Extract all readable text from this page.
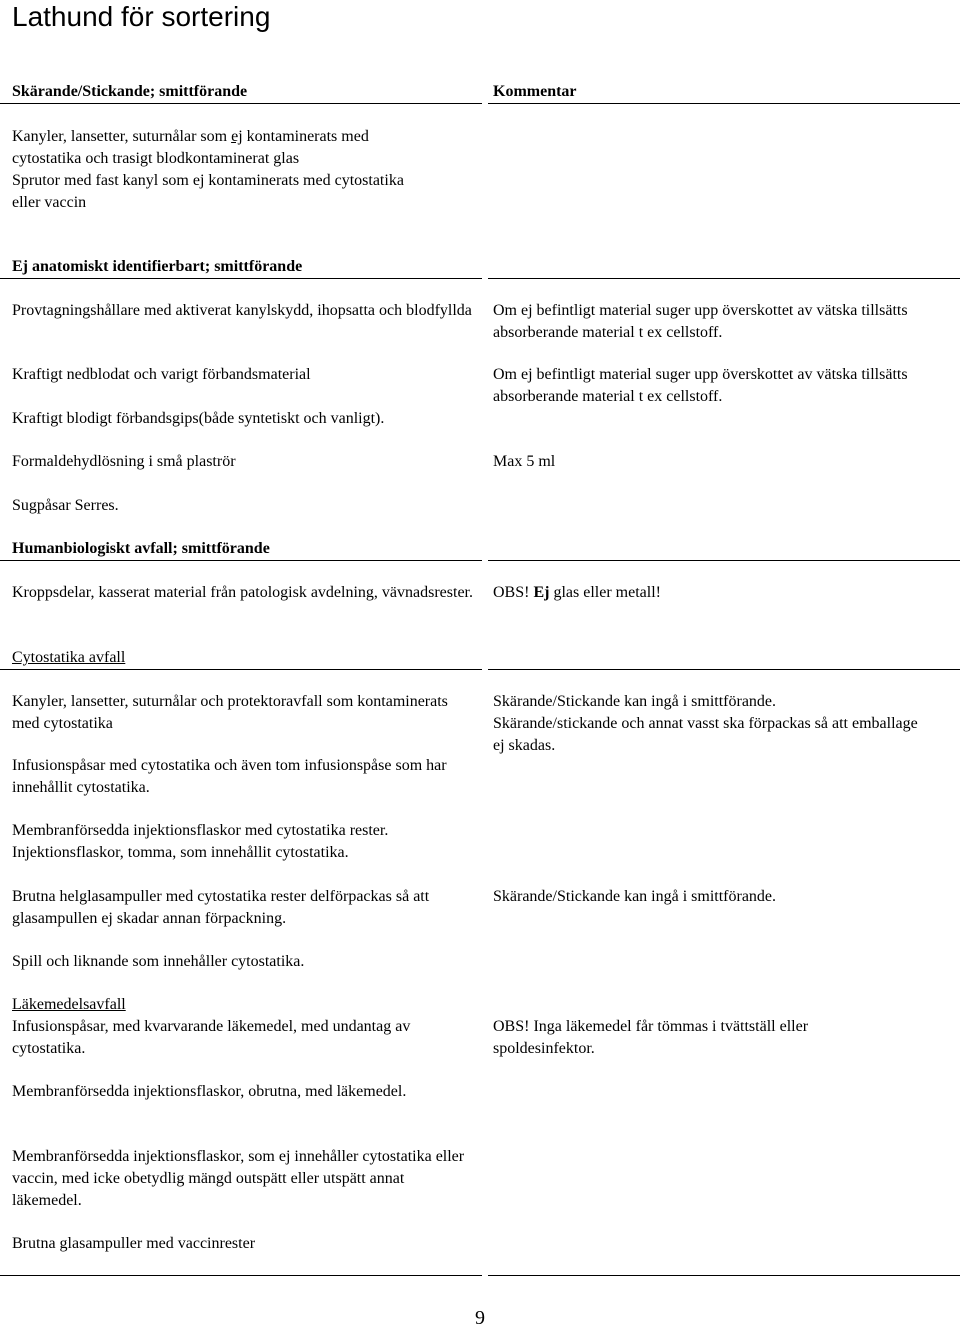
Lathund för sortering
Skärande/Stickande; smittförande	Kommentar
Kanyler, lansetter, suturnålar som ej kontaminerats med
cytostatika och trasigt blodkontaminerat glas
Sprutor med fast kanyl som ej kontaminerats med cytostatika
eller vaccin
Ej anatomiskt identifierbart; smittförande
Provtagningshållare med aktiverat kanylskydd, ihopsatta och blodfyllda
Kraftigt nedblodat och varigt förbandsmaterial
Kraftigt blodigt förbandsgips(både syntetiskt och vanligt).
Formaldehydlösning i små plaströr
Sugpåsar Serres.
Om ej befintligt material suger upp överskottet av vätska tillsätts absorberande material t ex cellstoff.
Om ej befintligt material suger upp överskottet av vätska tillsätts absorberande material t ex cellstoff.
Max 5 ml
Humanbiologiskt avfall; smittförande
Kroppsdelar, kasserat material från patologisk avdelning, vävnadsrester. OBS! Ej glas eller metall!
Cytostatika avfall
Kanyler, lansetter, suturnålar och protektoravfall som kontaminerats med cytostatika
Infusionspåsar med cytostatika och även tom infusionspåse som har innehållit cytostatika.
Membranförsedda injektionsflaskor med cytostatika rester.
Injektionsflaskor, tomma, som innehållit cytostatika.
Brutna helglasampuller med cytostatika rester delförpackas så att glasampullen ej skadar annan förpackning.
Spill och liknande som innehåller cytostatika.
Skärande/Stickande kan ingå i smittförande.
Skärande/stickande och annat vasst ska förpackas så att emballage ej skadas.
Skärande/Stickande kan ingå i smittförande.
Läkemedelsavfall
Infusionspåsar, med kvarvarande läkemedel, med undantag av cytostatika.
Membranförsedda injektionsflaskor, obrutna, med läkemedel.
Membranförsedda injektionsflaskor, som ej innehåller cytostatika eller vaccin, med icke obetydlig mängd outspätt eller utspätt annat läkemedel.
Brutna glasampuller med vaccinrester
OBS! Inga läkemedel får tömmas i tvättställ eller spoldesinfektor.
9
